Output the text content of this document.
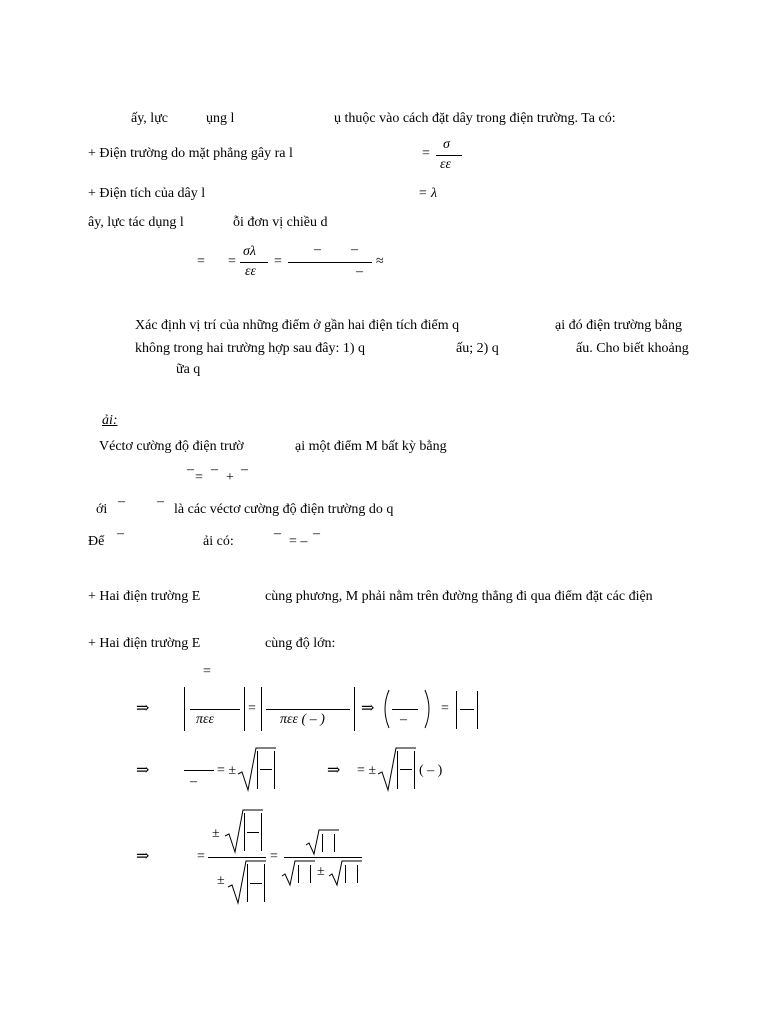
ấy, lực	ụng l	ụ thuộc vào cách đặt dây trong điện trường. Ta có:
+ Điện trường do mặt phẳng gây ra l	=
σ
εε
+ Điện tích của dây l	= λ
ây, lực tác dụng l	ỗi đơn vị chiều d
= =
σλ
εε
=
– –
–
≈
Xác định vị trí của những điểm ở gần hai điện tích điểm q	ại đó điện trường bằng
không trong hai trường hợp sau đây: 1) q	ấu; 2) q	ấu. Cho biết khoảng
ữa q
ải:
Véctơ cường độ điện trườ	ại một điểm M bất kỳ bằng
–
=
–
+
–
ới
– –
là các véctơ cường độ điện trường do q
Để
–
ải có:
–
= –
–
+ Hai điện trường E	cùng phương, M phải nằm trên đường thẳng đi qua điểm đặt các điện
+ Hai điện trường E	cùng độ lớn:
=
⇒
πεε
=
πεε ( – )
⇒
–
=
⇒
–
= ±	⇒ = ±	( – )
⇒	=
±
±
=
±
